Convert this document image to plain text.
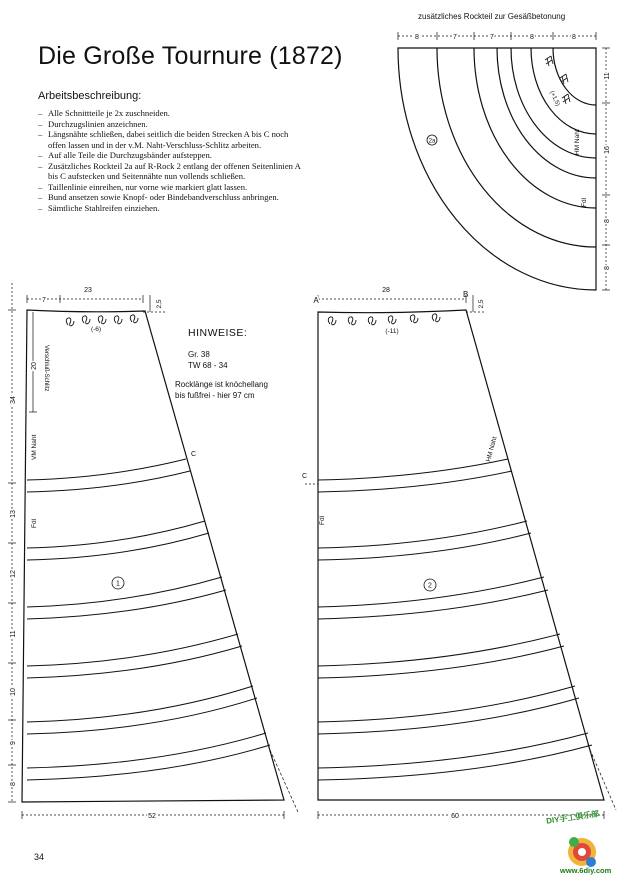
Die Große Tournure (1872)
Arbeitsbeschreibung:
– Alle Schnittteile je 2x zuschneiden.
– Durchzugslinien anzeichnen.
– Längsnähte schließen, dabei seitlich die beiden Strecken A bis C noch offen lassen und in der v.M. Naht-Verschluss-Schlitz arbeiten.
– Auf alle Teile die Durchzugsbänder aufsteppen.
– Zusätzliches Rockteil 2a auf R-Rock 2 entlang der offenen Seitenlinien A bis C aufstecken und Seitennähte nun vollends schließen.
– Taillenlinie einreihen, nur vorne wie markiert glatt lassen.
– Bund ansetzen sowie Knopf- oder Bindebandverschluss anbringen.
– Sämtliche Stahlreifen einziehen.
zusätzliches Rockteil zur Gesäßbetonung
HINWEISE:
Gr. 38
TW 68 - 34
Rocklänge ist knöchellang
bis fußfrei - hier 97 cm
34
8	7	7	8	8
11
16
8
8
(+1,5)
2a	HM Naht
Fdl
7
23
2,5
(-6)
34
13
12
11
10
9
8
20 Verschluß-Schlitz
VM Naht
Fdl
C
1
52
A
B
28
2,5
(-11)
C
Fdl
HM Naht
2
60	DIY手工俱乐部
www.6diy.com
